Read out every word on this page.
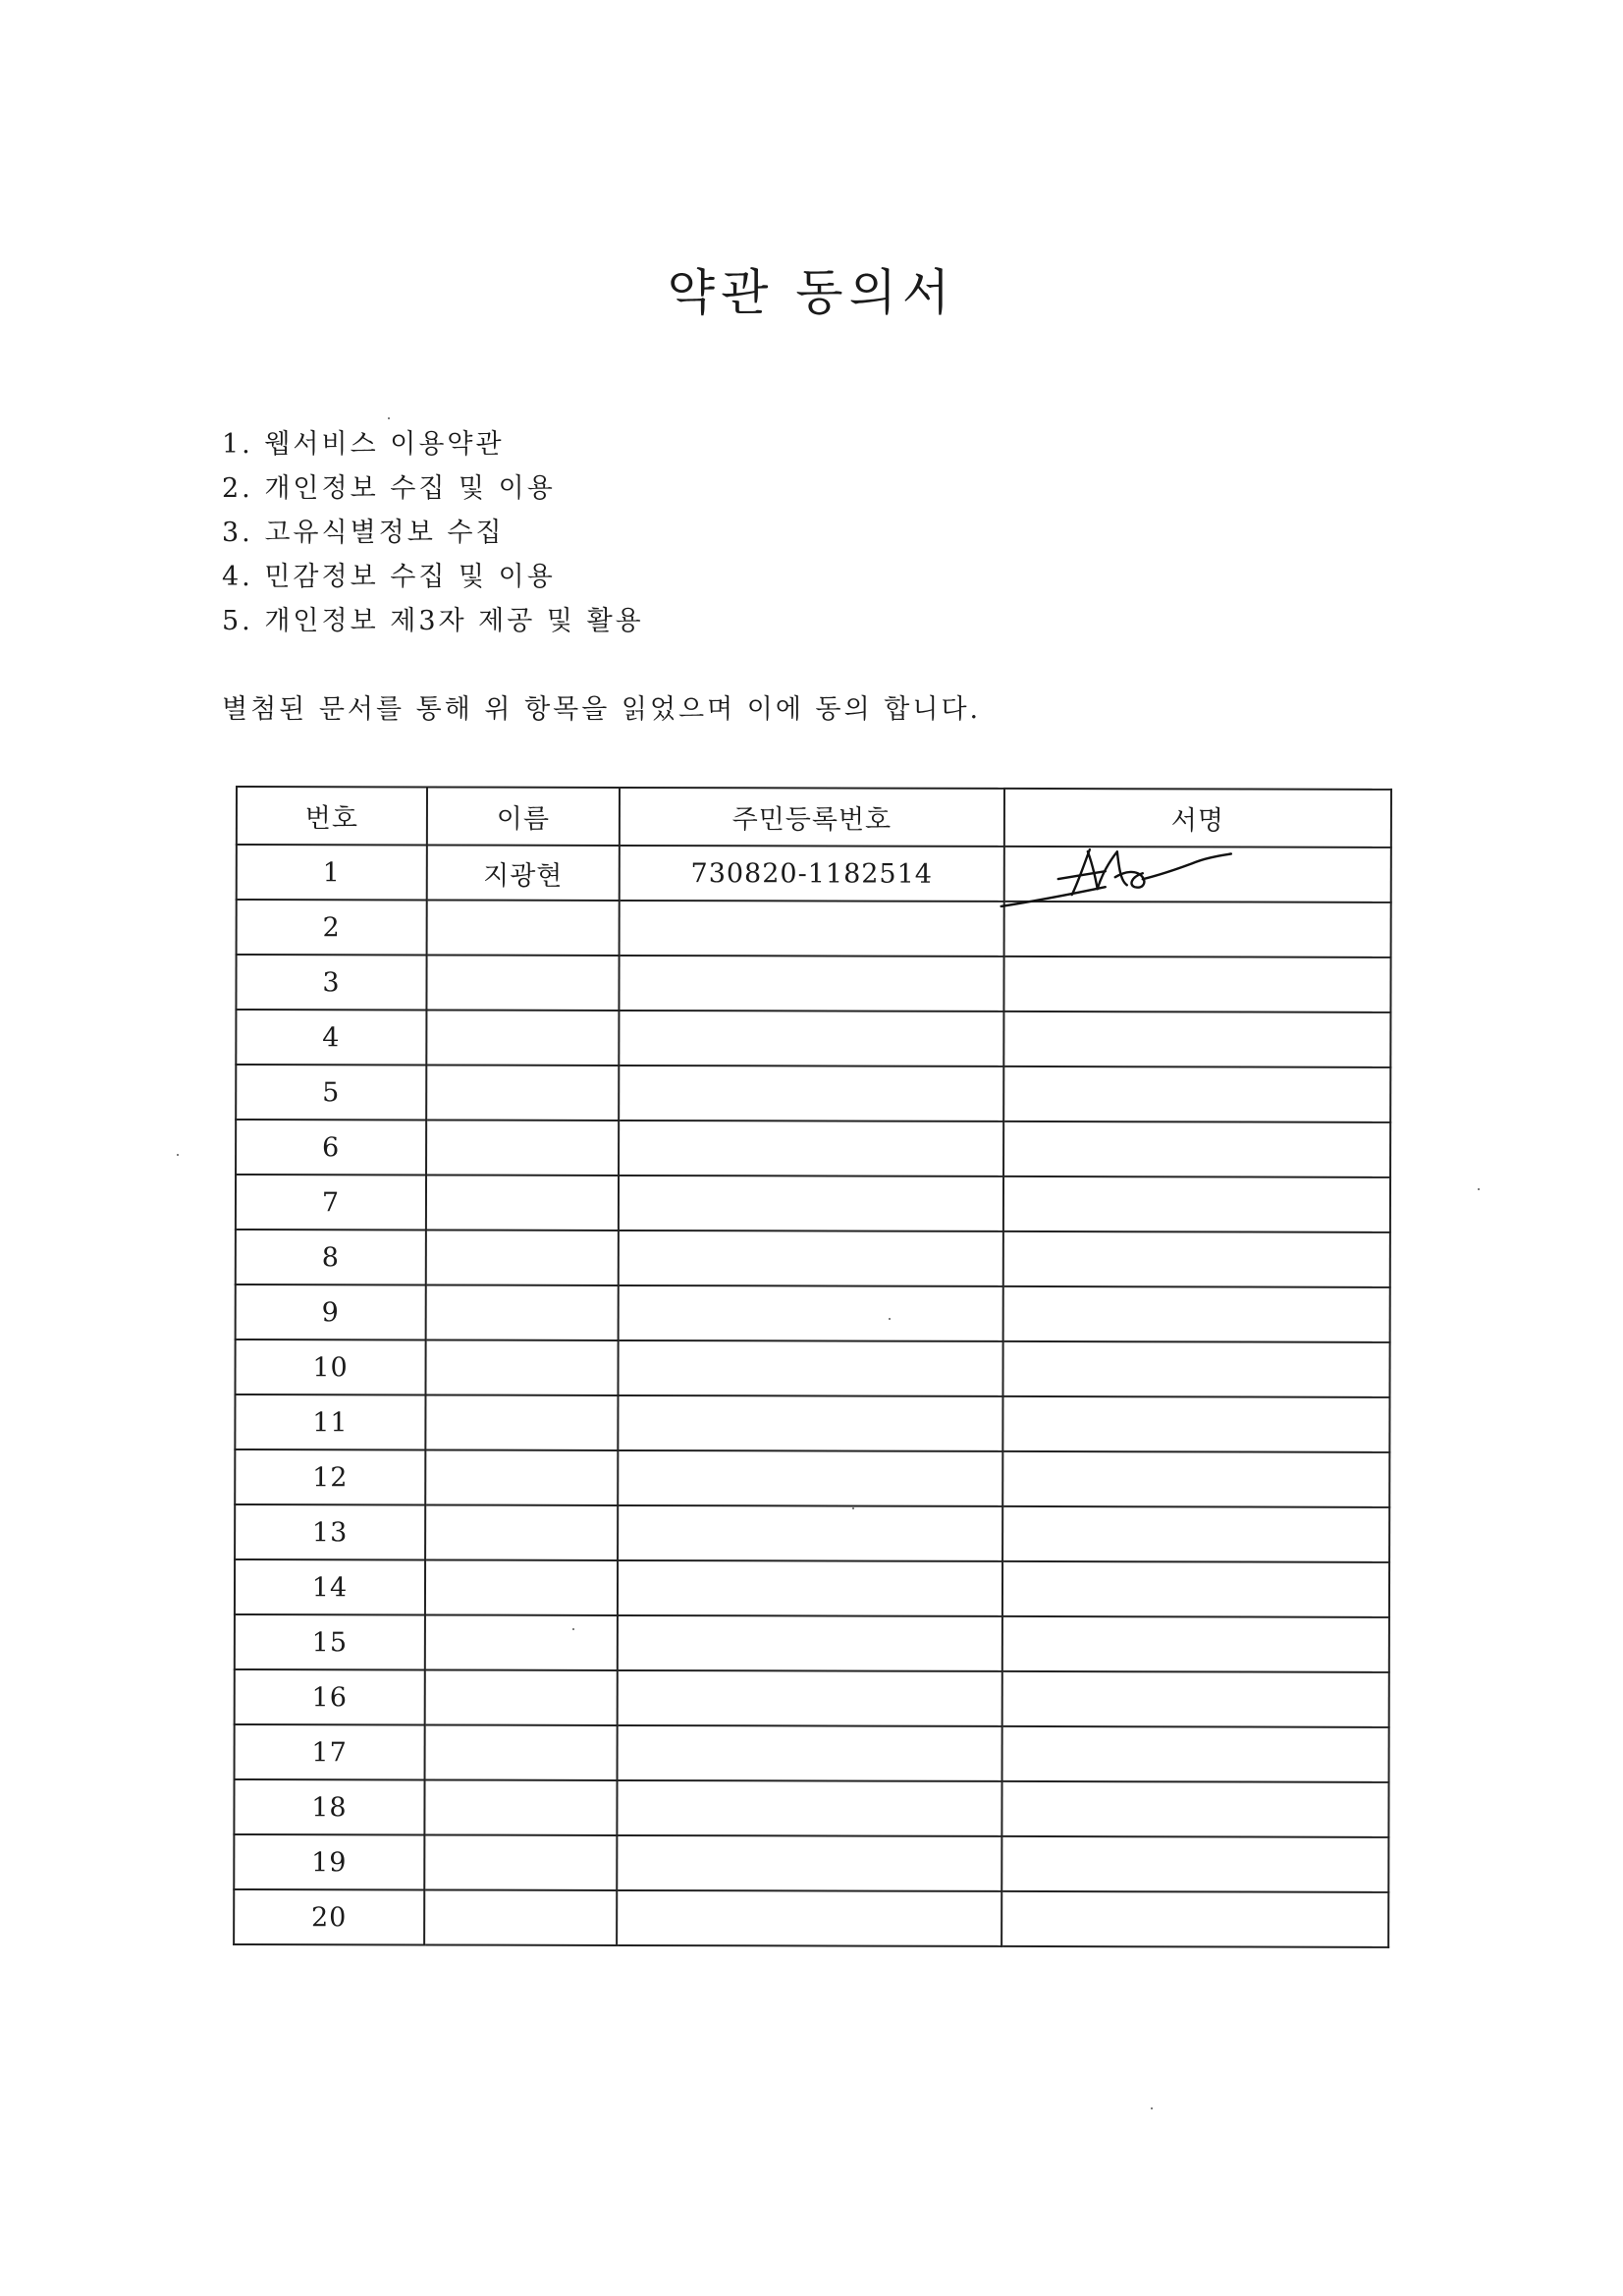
약관 동의서
1. 웹서비스 이용약관
2. 개인정보 수집 및 이용
3. 고유식별정보 수집
4. 민감정보 수집 및 이용
5. 개인정보 제3자 제공 및 활용

별첨된 문서를 통해 위 항목을 읽었으며 이에 동의 합니다.

번호	이름	주민등록번호	서명
1	지광현	730820-1182514	

2			
3			
4			
5			
6			
7			
8			
9			
10			
11			
12			
13			
14			
15			
16			
17			
18			
19			
20			
